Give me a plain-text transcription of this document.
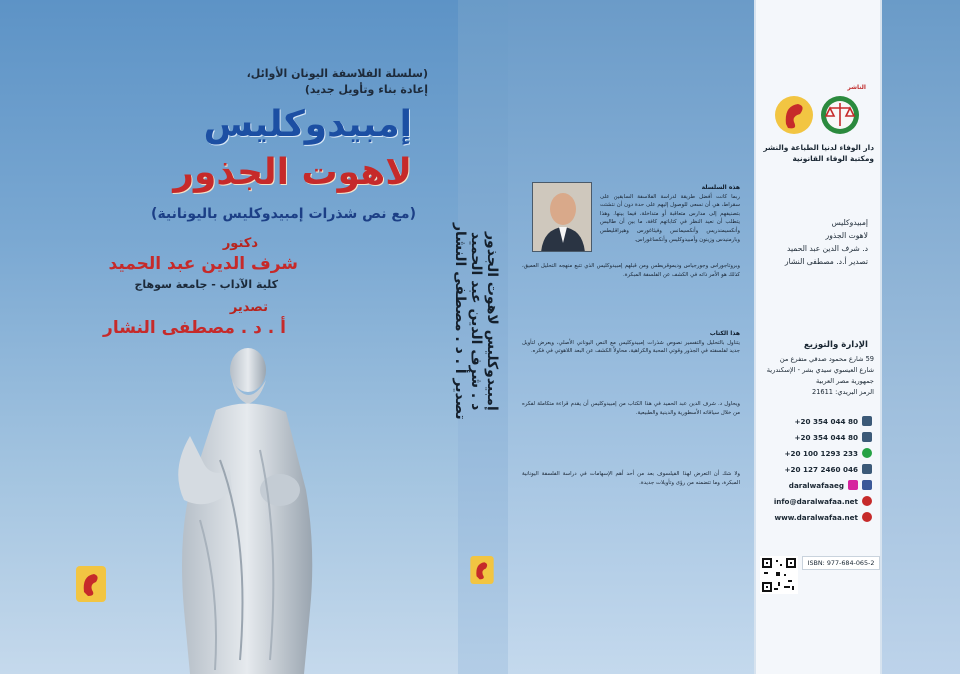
(سلسلة الفلاسفة اليونان الأوائل،
إعادة بناء وتأويل جديد)
إمبيدوكليس
لاهوت الجذور
(مع نص شذرات إمبيدوكليس باليونانية)
دكتور
شرف الدين عبد الحميد
كلية الآداب - جامعة سوهاج
تصدير
أ . د . مصطفى النشار	إمبيدوكليس لاهوت الجذور
د . شرف الدين عبد الحميد
تصدير أ . د . مصطفى النشار
هذه السلسلة
ربما كانت أفضل طريقة لدراسة الفلاسفة السابقين على سقراط، هي أن نسعى للوصول إليهم على حدة دون أن نتشتت بتصنيفهم إلى مدارس متعاقبة أو متداخلة، فيما بينها. وهذا يتطلب أن نعيد النظر في كتاباتهم كافة، ما بين أن طاليس وأنكسيمندريس وأنكسيمانس وفيثاغورس وهيراقليطس وبارمنيدس وزينون وأمبيدوكليس وأنكساغوراس.
وبروتاجوراس وجورجياس وديموقريطس ومن قبلهم إمبيدوكليس الذي تتبع منهجه التحليل العميق، كذلك هو الأمر ذاته في الكشف عن الفلسفة المبكرة.
هذا الكتاب
يتناول بالتحليل والتفسير نصوص شذرات إمبيدوكليس مع النص اليوناني الأصلي، ويعرض لتأويل جديد لفلسفته في الجذور وقوتي المحبة والكراهية، محاولاً الكشف عن البعد اللاهوتي في فكره.
ويحاول د. شرف الدين عبد الحميد في هذا الكتاب من إمبيدوكليس أن يقدم قراءة متكاملة لفكره من خلال سياقاته الأسطورية والدينية والطبيعية.
ولا شك أن التعرض لهذا الفيلسوف بعد من أحد أهم الإسهامات في دراسة الفلسفة اليونانية المبكرة، وما تتضمنه من رؤى وتأويلات جديدة.
الناشر
دار الوفاء لدنيا الطباعة والنشر
ومكتبة الوفاء القانونية
إمبيدوكليس
لاهوت الجذور
د. شرف الدين عبد الحميد
تصدير أ.د. مصطفى النشار
الإدارة والتوزيع
59 شارع محمود صدقي متفرع من
شارع العيسوي سيدي بشر - الإسكندرية
جمهورية مصر العربية
الرمز البريدي: 21611
+20 354 044 80
+20 354 044 80
+20 100 1293 233
+20 127 2460 046
daralwafaaeg
info@daralwafaa.net
www.daralwafaa.net
ISBN: 977-684-065-2
